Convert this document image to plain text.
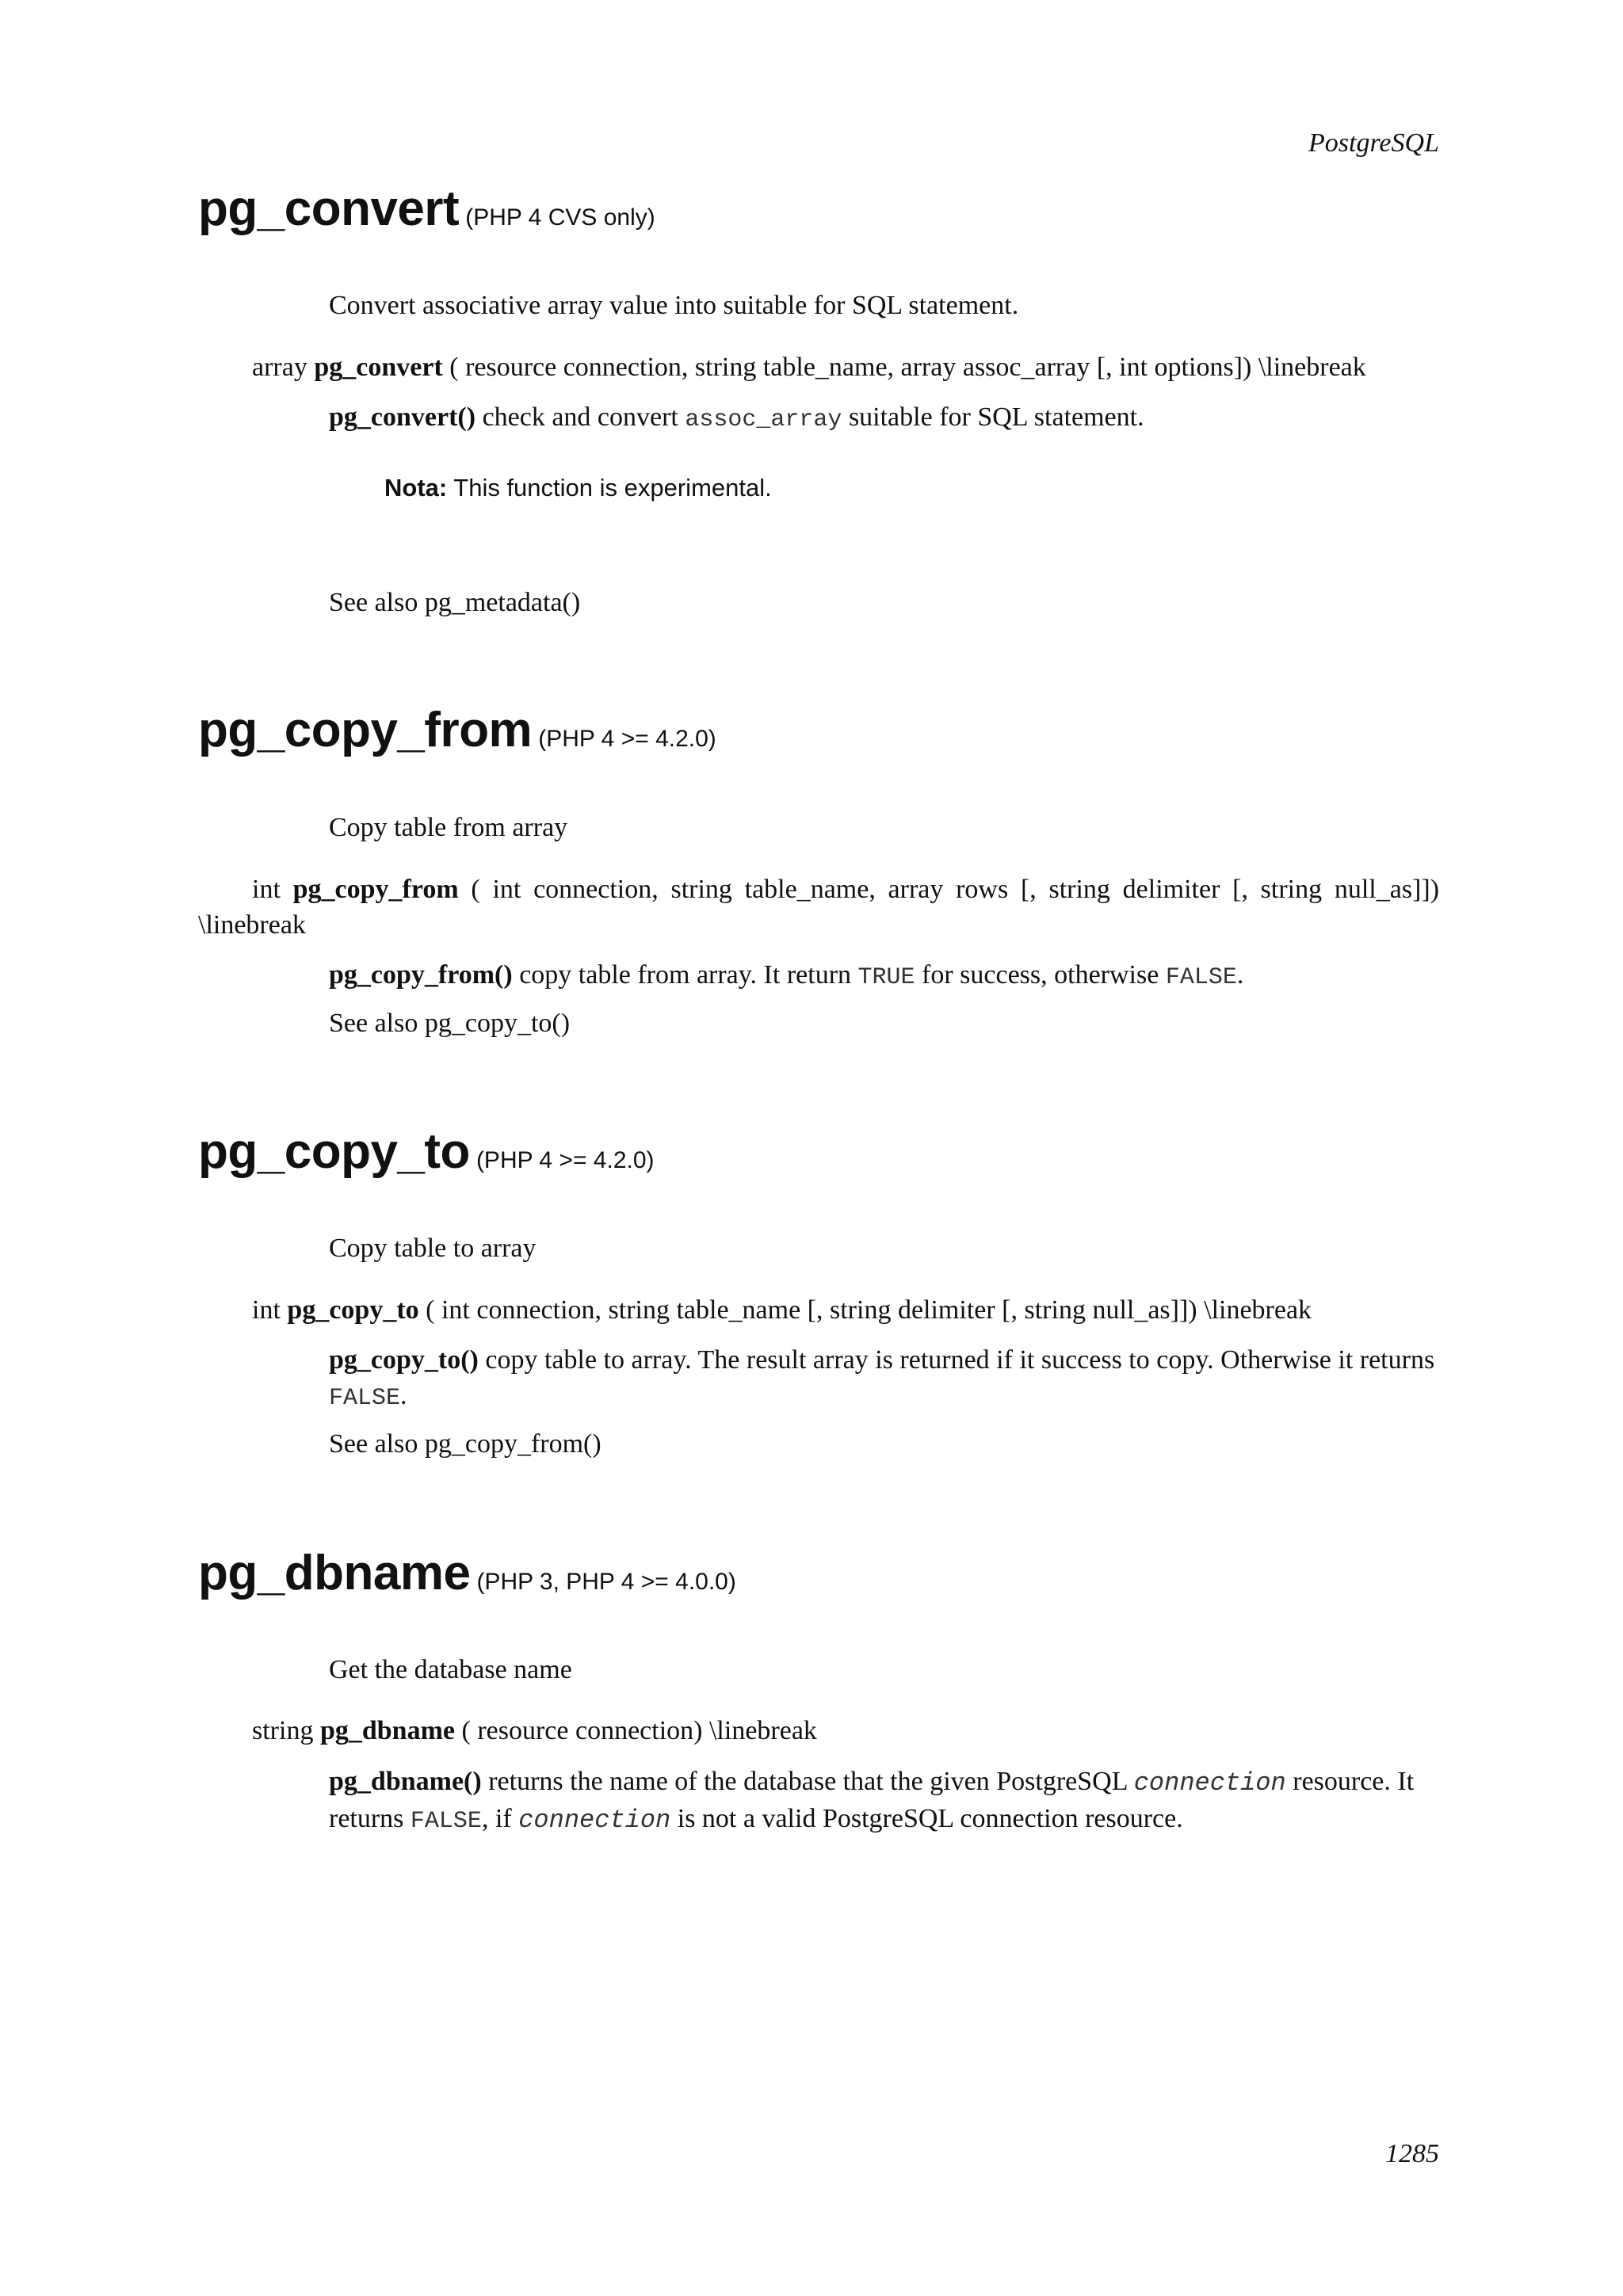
PostgreSQL
pg_convert (PHP 4 CVS only)
Convert associative array value into suitable for SQL statement.
array pg_convert ( resource connection, string table_name, array assoc_array [, int options]) \linebreak
pg_convert() check and convert assoc_array suitable for SQL statement.
Nota: This function is experimental.
See also pg_metadata()
pg_copy_from (PHP 4 >= 4.2.0)
Copy table from array
int pg_copy_from ( int connection, string table_name, array rows [, string delimiter [, string null_as]]) \linebreak
pg_copy_from() copy table from array. It return TRUE for success, otherwise FALSE.
See also pg_copy_to()
pg_copy_to (PHP 4 >= 4.2.0)
Copy table to array
int pg_copy_to ( int connection, string table_name [, string delimiter [, string null_as]]) \linebreak
pg_copy_to() copy table to array. The result array is returned if it success to copy. Otherwise it returns FALSE.
See also pg_copy_from()
pg_dbname (PHP 3, PHP 4 >= 4.0.0)
Get the database name
string pg_dbname ( resource connection) \linebreak
pg_dbname() returns the name of the database that the given PostgreSQL connection resource. It returns FALSE, if connection is not a valid PostgreSQL connection resource.
1285
